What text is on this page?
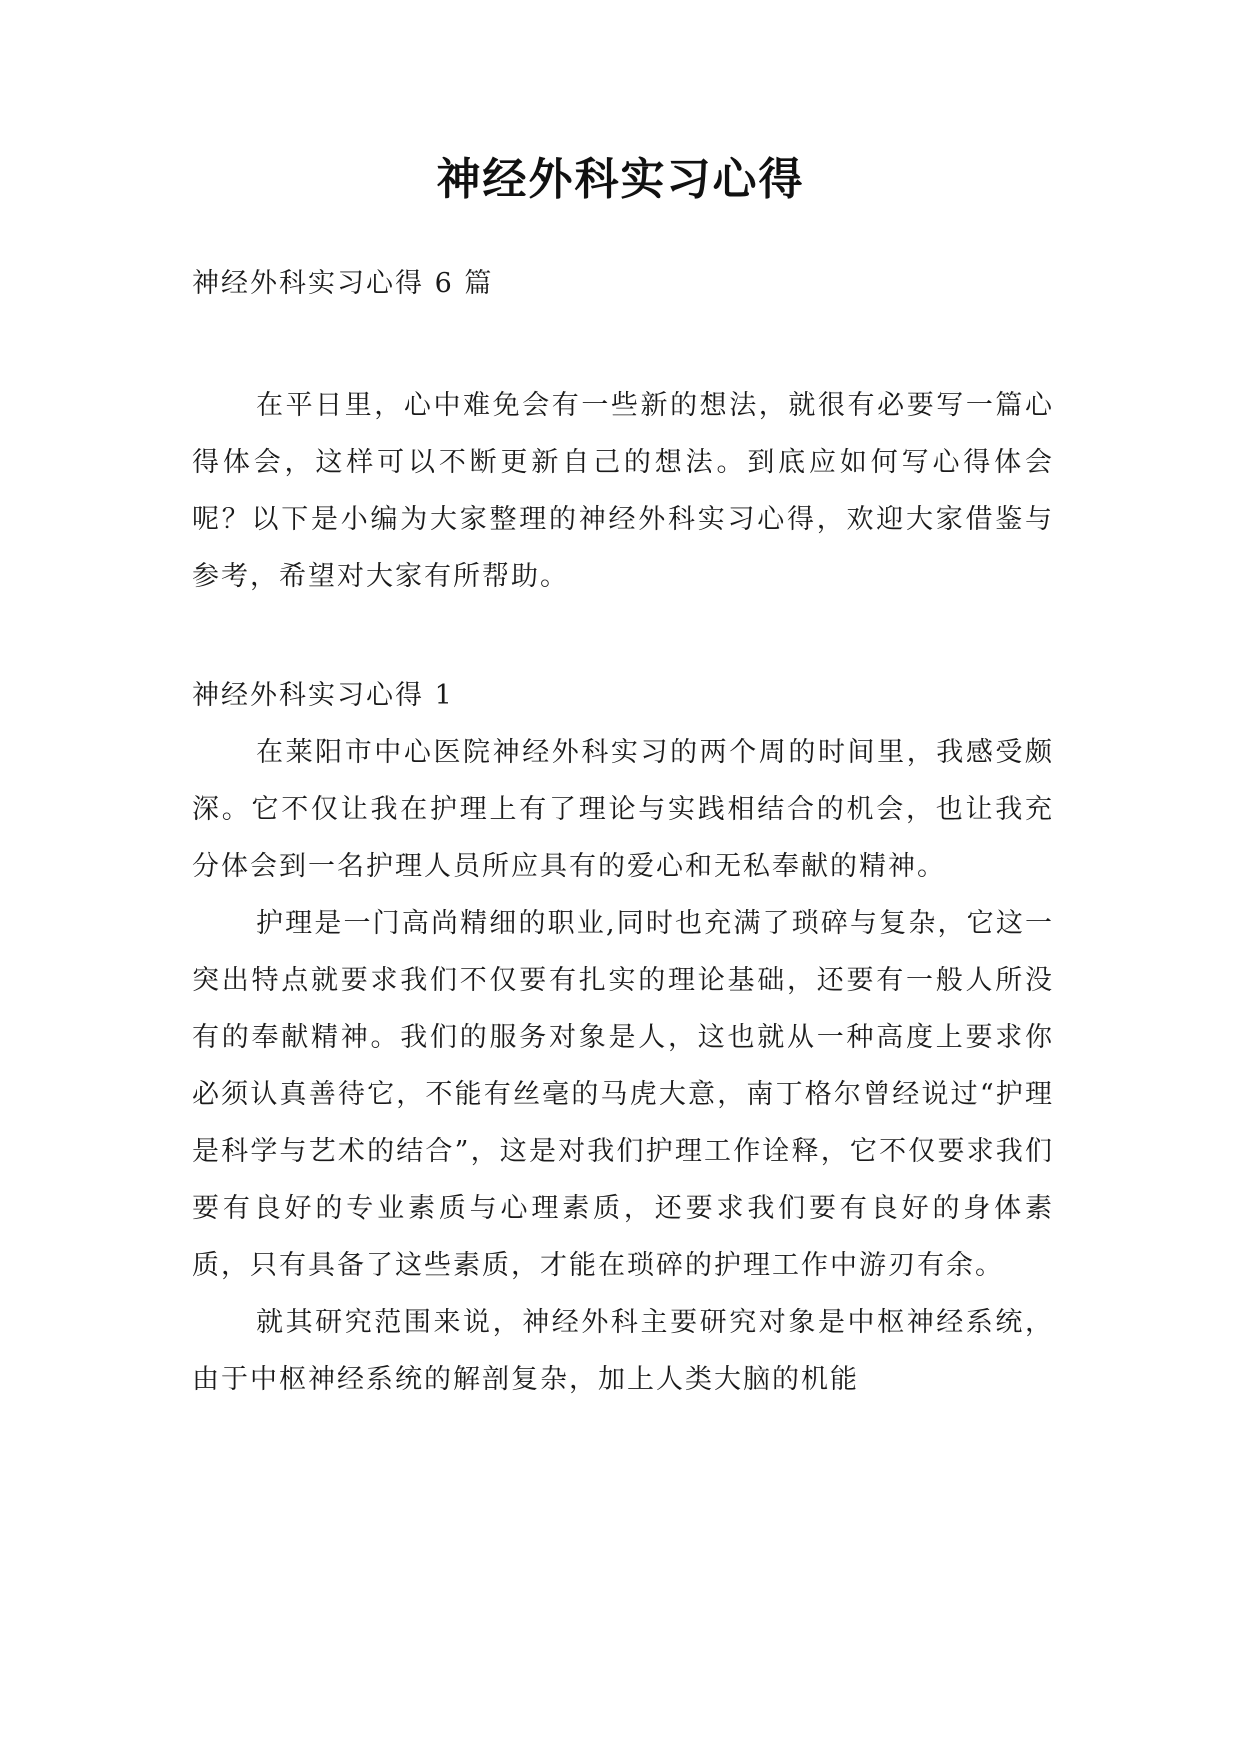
神经外科实习心得

神经外科实习心得 6 篇

在平日里，心中难免会有一些新的想法，就很有必要写一篇心得体会，这样可以不断更新自己的想法。到底应如何写心得体会呢？以下是小编为大家整理的神经外科实习心得，欢迎大家借鉴与参考，希望对大家有所帮助。

神经外科实习心得 1

在莱阳市中心医院神经外科实习的两个周的时间里，我感受颇深。它不仅让我在护理上有了理论与实践相结合的机会，也让我充分体会到一名护理人员所应具有的爱心和无私奉献的精神。

护理是一门高尚精细的职业,同时也充满了琐碎与复杂，它这一突出特点就要求我们不仅要有扎实的理论基础，还要有一般人所没有的奉献精神。我们的服务对象是人，这也就从一种高度上要求你必须认真善待它，不能有丝毫的马虎大意，南丁格尔曾经说过“护理是科学与艺术的结合”，这是对我们护理工作诠释，它不仅要求我们要有良好的专业素质与心理素质，还要求我们要有良好的身体素质，只有具备了这些素质，才能在琐碎的护理工作中游刃有余。

就其研究范围来说，神经外科主要研究对象是中枢神经系统，由于中枢神经系统的解剖复杂，加上人类大脑的机能
